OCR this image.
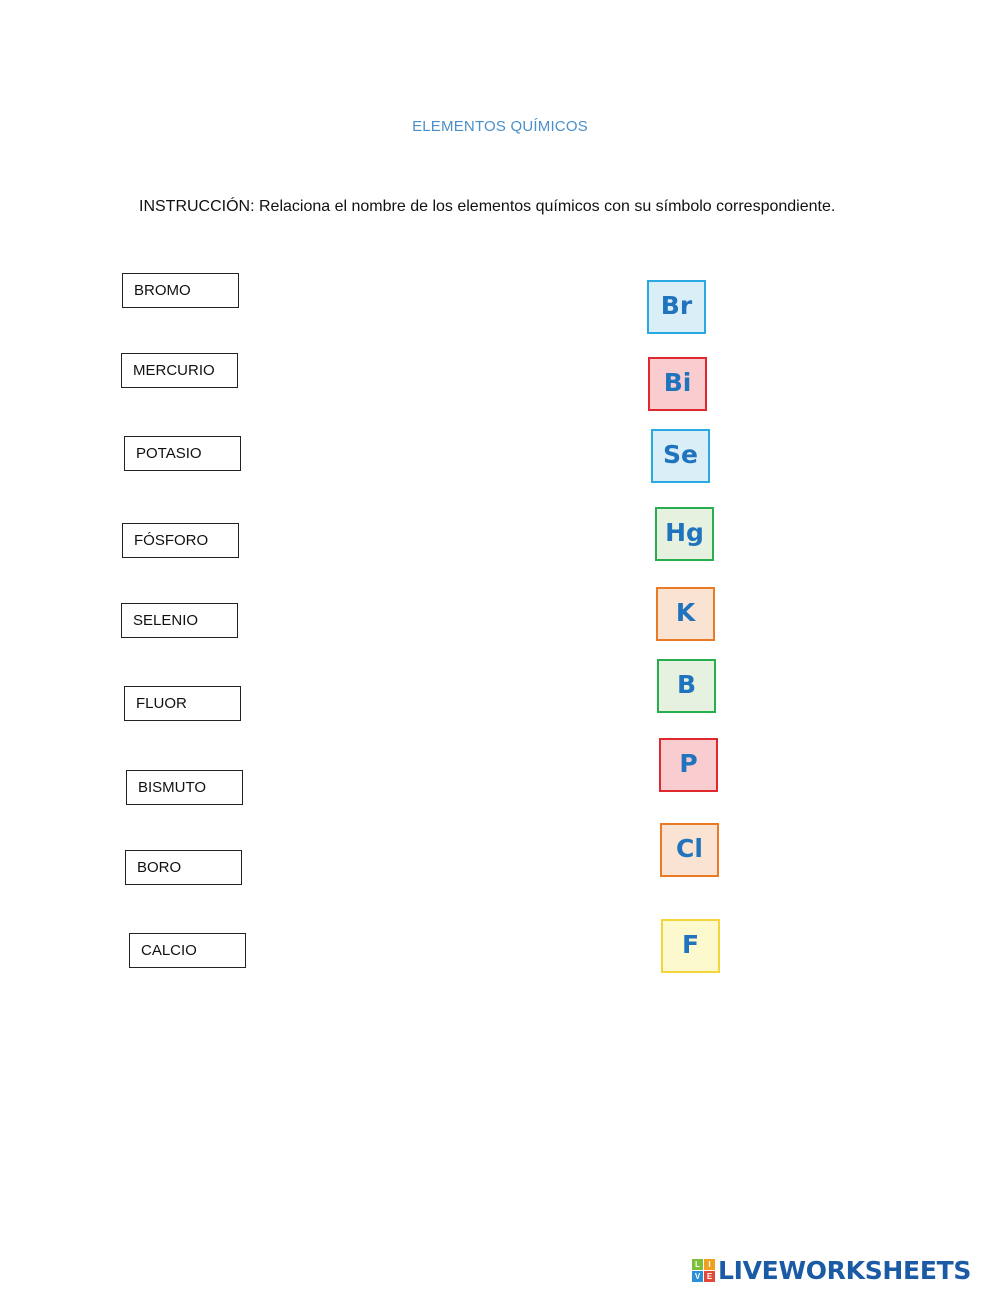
ELEMENTOS QUÍMICOS
INSTRUCCIÓN: Relaciona el nombre de los elementos químicos con su símbolo correspondiente.
BROMO
MERCURIO
POTASIO
FÓSFORO
SELENIO
FLUOR
BISMUTO
BORO
CALCIO
Br
Bi
Se
Hg
K
B
P
Cl
F
L	I
V E LIVEWORKSHEETS
